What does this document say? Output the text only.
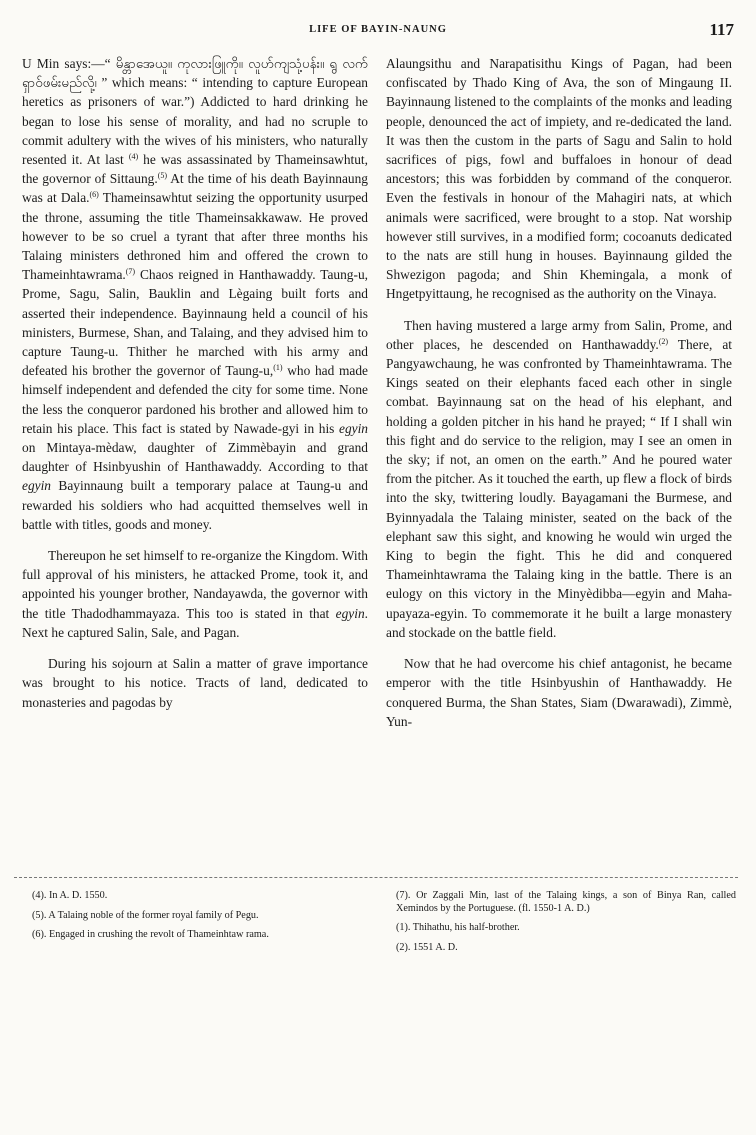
LIFE OF BAYIN-NAUNG	117

U Min says:—“ မိန္တာအေယူ၊၊ ကုလားဖြူကို၊၊ လူဟ်ကျသုံ့ပန်း၊၊ ရွ လက်ရှာဝ်ဖမ်းမည်လို့၊ ” which means: “ intending to capture European heretics as prisoners of war.”) Addicted to hard drinking he began to lose his sense of morality, and had no scruple to commit adultery with the wives of his ministers, who naturally resented it. At last $^{(4)}$ he was assassinated by Thameinsawhtut, the governor of Sittaung.$^{(5)}$ At the time of his death Bayinnaung was at Dala.$^{(6)}$ Thameinsawhtut seizing the opportunity usurped the throne, assuming the title Thameinsakkawaw. He proved however to be so cruel a tyrant that after three months his Talaing ministers dethroned him and offered the crown to Thameinhtawrama.$^{(7)}$ Chaos reigned in Hanthawaddy. Taung-u, Prome, Sagu, Salin, Bauklin and Lègaing built forts and asserted their independence. Bayinnaung held a council of his ministers, Burmese, Shan, and Talaing, and they advised him to capture Taung-u. Thither he marched with his army and defeated his brother the governor of Taung-u,$^{(1)}$ who had made himself independent and defended the city for some time. None the less the conqueror pardoned his brother and allowed him to retain his place. This fact is stated by Nawade-gyi in his egyin on Mintaya-mèdaw, daughter of Zimmèbayin and grand daughter of Hsinbyushin of Hanthawaddy. According to that egyin Bayinnaung built a temporary palace at Taung-u and rewarded his soldiers who had acquitted themselves well in battle with titles, goods and money.

Thereupon he set himself to re-organize the Kingdom. With full approval of his ministers, he attacked Prome, took it, and appointed his younger brother, Nandayawda, the governor with the title Thadodhammayaza. This too is stated in that egyin. Next he captured Salin, Sale, and Pagan.

During his sojourn at Salin a matter of grave importance was brought to his notice. Tracts of land, dedicated to monasteries and pagodas by

Alaungsithu and Narapatisithu Kings of Pagan, had been confiscated by Thado King of Ava, the son of Mingaung II. Bayinnaung listened to the complaints of the monks and leading people, denounced the act of impiety, and re-dedicated the land. It was then the custom in the parts of Sagu and Salin to hold sacrifices of pigs, fowl and buffaloes in honour of dead ancestors; this was forbidden by command of the conqueror. Even the festivals in honour of the Mahagiri nats, at which animals were sacrificed, were brought to a stop. Nat worship however still survives, in a modified form; cocoanuts dedicated to the nats are still hung in houses. Bayinnaung gilded the Shwezigon pagoda; and Shin Khemingala, a monk of Hngetpyittaung, he recognised as the authority on the Vinaya.

Then having mustered a large army from Salin, Prome, and other places, he descended on Hanthawaddy.$^{(2)}$ There, at Pangyawchaung, he was confronted by Thameinhtawrama. The Kings seated on their elephants faced each other in single combat. Bayinnaung sat on the head of his elephant, and holding a golden pitcher in his hand he prayed; “ If I shall win this fight and do service to the religion, may I see an omen in the sky; if not, an omen on the earth.” And he poured water from the pitcher. As it touched the earth, up flew a flock of birds into the sky, twittering loudly. Bayagamani the Burmese, and Byinnyadala the Talaing minister, seated on the back of the elephant saw this sight, and knowing he would win urged the King to begin the fight. This he did and conquered Thameinhtawrama the Talaing king in the battle. There is an eulogy on this victory in the Minyèdibba—egyin and Maha-upayaza-egyin. To commemorate it he built a large monastery and stockade on the battle field.

Now that he had overcome his chief antagonist, he became emperor with the title Hsinbyushin of Hanthawaddy. He conquered Burma, the Shan States, Siam (Dwarawadi), Zimmè, Yun-

(4). In A. D. 1550.
(5). A Talaing noble of the former royal family of Pegu.
(6). Engaged in crushing the revolt of Thameinhtaw rama.
(7). Or Zaggali Min, last of the Talaing kings, a son of Binya Ran, called Xemindos by the Portuguese. (fl. 1550-1 A. D.)
(1). Thihathu, his half-brother.
(2). 1551 A. D.
